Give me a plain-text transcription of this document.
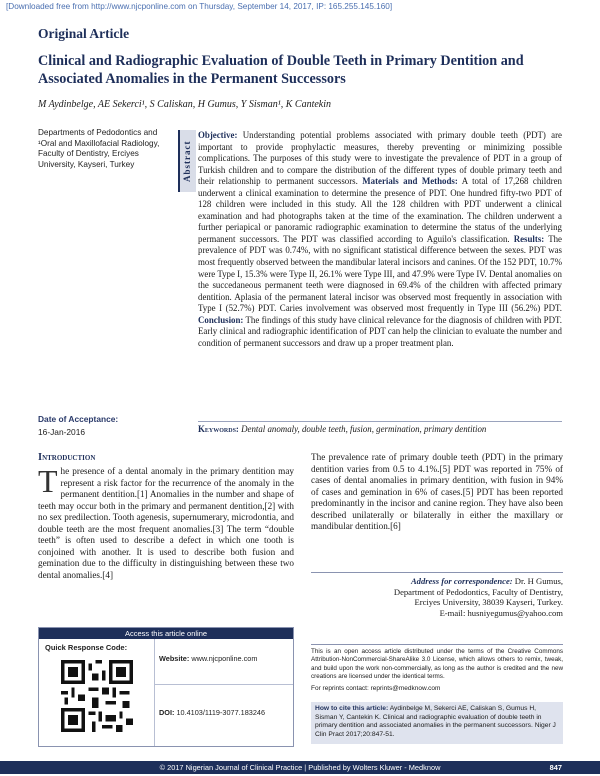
[Downloaded free from http://www.njcponline.com on Thursday, September 14, 2017, IP: 165.255.145.160]
Original Article
Clinical and Radiographic Evaluation of Double Teeth in Primary Dentition and Associated Anomalies in the Permanent Successors
M Aydinbelge, AE Sekerci¹, S Caliskan, H Gumus, Y Sisman¹, K Cantekin
Departments of Pedodontics and ¹Oral and Maxillofacial Radiology, Faculty of Dentistry, Erciyes University, Kayseri, Turkey
Date of Acceptance:
16-Jan-2016
Abstract
Objective: Understanding potential problems associated with primary double teeth (PDT) are important to provide prophylactic measures, thereby preventing or minimizing possible complications. The purposes of this study were to investigate the prevalence of PDT in a group of Turkish children and to compare the distribution of the different types of double primary teeth and their relationship to permanent successors. Materials and Methods: A total of 17,268 children underwent a clinical examination to determine the presence of PDT. One hundred fifty-two PDT of 128 children were included in this study. All the 128 children with PDT underwent a clinical examination and had photographs taken at the time of the examination. The children underwent a further periapical or panoramic radiographic examination to determine the status of the underlying permanent successors. The PDT was classified according to Aguilo's classification. Results: The prevalence of PDT was 0.74%, with no significant statistical difference between the sexes. PDT was most frequently observed between the mandibular lateral incisors and canines. Of the 152 PDT, 10.7% were Type I, 15.3% were Type II, 26.1% were Type III, and 47.9% were Type IV. Dental anomalies on the succedaneous permanent teeth were diagnosed in 69.4% of the children with affected primary dentition. Aplasia of the permanent lateral incisor was observed most frequently in association with Type I (52.7%) PDT. Caries involvement was observed most frequently in Type III (56.2%) PDT. Conclusion: The findings of this study have clinical relevance for the diagnosis of children with PDT. Early clinical and radiographic identification of PDT can help the clinician to evaluate the number and condition of permanent successors and draw up a proper treatment plan.
Keywords: Dental anomaly, double teeth, fusion, germination, primary dentition
Introduction
The presence of a dental anomaly in the primary dentition may represent a risk factor for the recurrence of the anomaly in the permanent dentition.[1] Anomalies in the number and shape of teeth may occur both in the primary and permanent dentition,[2] with no sex predilection. Tooth agenesis, supernumerary, microdontia, and double teeth are the most frequent anomalies.[3] The term “double teeth” is often used to describe a defect in which one tooth is conjoined with another. It is used to describe both fusion and gemination due to the difficulty in distinguishing between these two dental anomalies.[4]
The prevalence rate of primary double teeth (PDT) in the primary dentition varies from 0.5 to 4.1%.[5] PDT was reported in 75% of cases of dental anomalies in primary dentition, with fusion in 94% of cases and gemination in 6% of cases.[5] PDT has been reported predominantly in the incisor and canine region. They have also been described unilaterally or bilaterally in either the maxillary or mandibular dentition.[6]
Access this article online
Quick Response Code:
Website: www.njcponline.com
DOI: 10.4103/1119-3077.183246
Address for correspondence: Dr. H Gumus,
Department of Pedodontics, Faculty of Dentistry,
Erciyes University, 38039 Kayseri, Turkey.
E-mail: husniyegumus@yahoo.com
This is an open access article distributed under the terms of the Creative Commons Attribution-NonCommercial-ShareAlike 3.0 License, which allows others to remix, tweak, and build upon the work non-commercially, as long as the author is credited and the new creations are licensed under the identical terms.
For reprints contact: reprints@medknow.com
How to cite this article: Aydinbelge M, Sekerci AE, Caliskan S, Gumus H, Sisman Y, Cantekin K. Clinical and radiographic evaluation of double teeth in primary dentition and associated anomalies in the permanent successors. Niger J Clin Pract 2017;20:847-51.
© 2017 Nigerian Journal of Clinical Practice | Published by Wolters Kluwer - Medknow	847
